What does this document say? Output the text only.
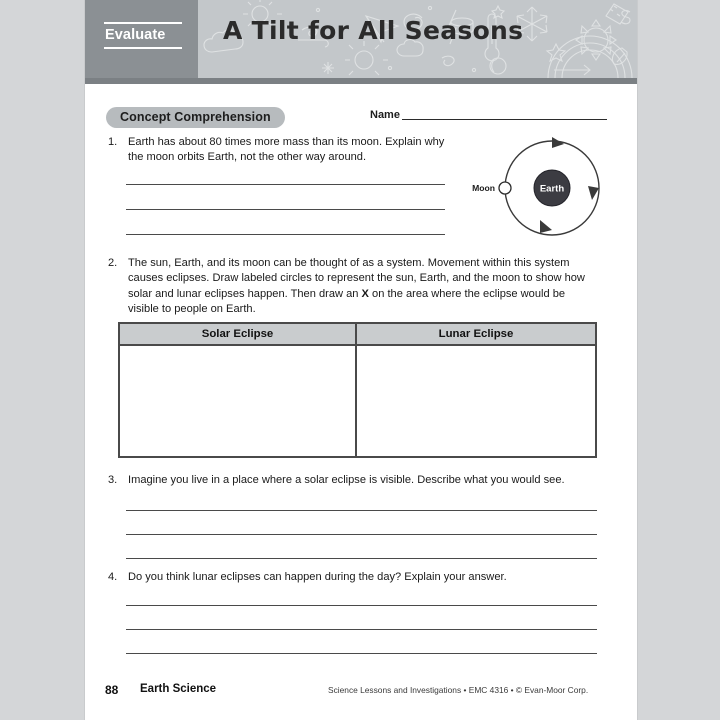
Evaluate	A Tilt for All Seasons
Concept Comprehension	Name
1. Earth has about 80 times more mass than its moon. Explain why the moon orbits Earth, not the other way around.
Earth
Moon
2. The sun, Earth, and its moon can be thought of as a system. Movement within this system causes eclipses. Draw labeled circles to represent the sun, Earth, and the moon to show how solar and lunar eclipses happen. Then draw an X on the area where the eclipse would be visible to people on Earth.
Solar Eclipse	Lunar Eclipse
3. Imagine you live in a place where a solar eclipse is visible. Describe what you would see.
4. Do you think lunar eclipses can happen during the day? Explain your answer.
88 Earth Science	Science Lessons and Investigations • EMC 4316 • © Evan-Moor Corp.
